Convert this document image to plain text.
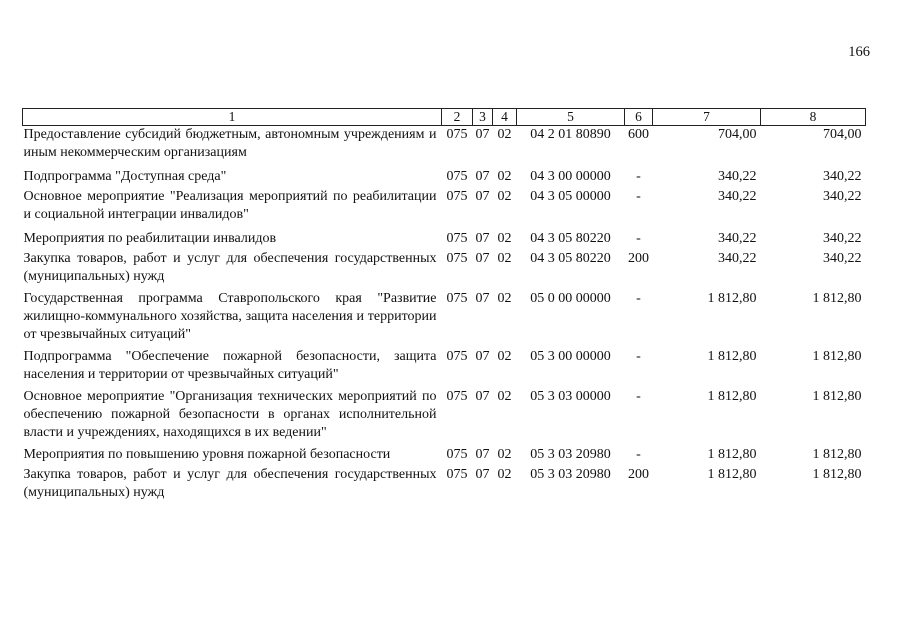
166
1	2	3	4	5	6	7	8
Предоставление субсидий бюджетным, автономным учреждениям и иным некоммерческим организациям	075	07	02	04 2 01 80890	600	704,00	704,00
Подпрограмма "Доступная среда"	075	07	02	04 3 00 00000	-	340,22	340,22
Основное мероприятие "Реализация мероприятий по реабилитации и социальной интеграции инвалидов"	075	07	02	04 3 05 00000	-	340,22	340,22
Мероприятия по реабилитации инвалидов	075	07	02	04 3 05 80220	-	340,22	340,22
Закупка товаров, работ и услуг для обеспечения государственных (муниципальных) нужд	075	07	02	04 3 05 80220	200	340,22	340,22
Государственная программа Ставропольского края "Развитие жилищно-коммунального хозяйства, защита населения и территории от чрезвычайных ситуаций"	075	07	02	05 0 00 00000	-	1 812,80	1 812,80
Подпрограмма "Обеспечение пожарной безопасности, защита населения и территории от чрезвычайных ситуаций"	075	07	02	05 3 00 00000	-	1 812,80	1 812,80
Основное мероприятие "Организация технических мероприятий по обеспечению пожарной безопасности в органах исполнительной власти и учреждениях, находящихся в их ведении"	075	07	02	05 3 03 00000	-	1 812,80	1 812,80
Мероприятия по повышению уровня пожарной безопасности	075	07	02	05 3 03 20980	-	1 812,80	1 812,80
Закупка товаров, работ и услуг для обеспечения государственных (муниципальных) нужд	075	07	02	05 3 03 20980	200	1 812,80	1 812,80
